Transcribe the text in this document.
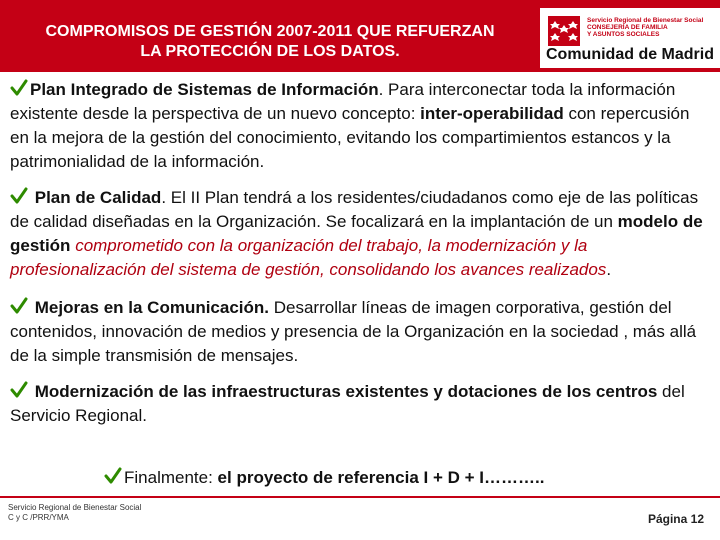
COMPROMISOS DE GESTIÓN 2007-2011 QUE REFUERZAN
LA PROTECCIÓN DE LOS DATOS.
Servicio Regional de Bienestar Social
CONSEJERÍA DE FAMILIA
Y ASUNTOS SOCIALES
Comunidad de Madrid

Plan Integrado de Sistemas de Información. Para interconectar toda la información existente desde la perspectiva de un nuevo concepto: inter-operabilidad con repercusión en la mejora de la gestión del conocimiento, evitando los compartimientos estancos y la patrimonialidad de la información.

Plan de Calidad. El II Plan tendrá a los residentes/ciudadanos como eje de las políticas de calidad diseñadas en la Organización. Se focalizará en la implantación de un modelo de gestión comprometido con la organización del trabajo, la modernización y la profesionalización del sistema de gestión, consolidando los avances realizados.

Mejoras en la Comunicación. Desarrollar líneas de imagen corporativa, gestión del contenidos, innovación de medios y presencia de la Organización en la sociedad , más allá de la simple transmisión de mensajes.

Modernización de las infraestructuras existentes y dotaciones de los centros del Servicio Regional.

Finalmente: el proyecto de referencia I + D + I………..
Servicio Regional de Bienestar Social
C y C /PRR/YMA	Página 12
